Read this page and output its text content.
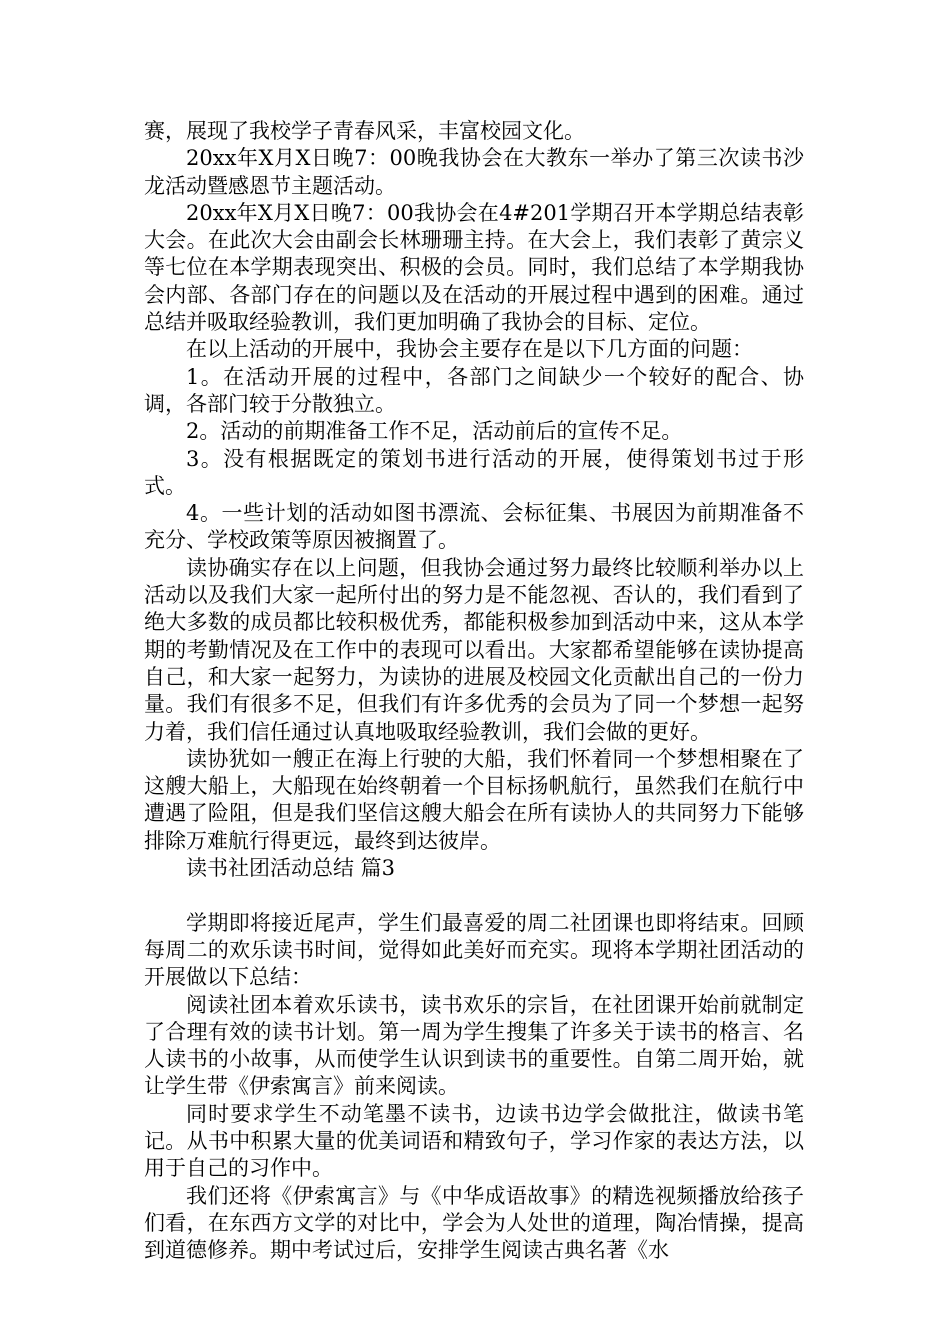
赛，展现了我校学子青春风采，丰富校园文化。

20xx年X月X日晚7：00晚我协会在大教东一举办了第三次读书沙龙活动暨感恩节主题活动。

20xx年X月X日晚7：00我协会在4#201学期召开本学期总结表彰大会。在此次大会由副会长林珊珊主持。在大会上，我们表彰了黄宗义等七位在本学期表现突出、积极的会员。同时，我们总结了本学期我协会内部、各部门存在的问题以及在活动的开展过程中遇到的困难。通过总结并吸取经验教训，我们更加明确了我协会的目标、定位。

在以上活动的开展中，我协会主要存在是以下几方面的问题：

1。在活动开展的过程中，各部门之间缺少一个较好的配合、协调，各部门较于分散独立。

2。活动的前期准备工作不足，活动前后的宣传不足。

3。没有根据既定的策划书进行活动的开展，使得策划书过于形式。

4。一些计划的活动如图书漂流、会标征集、书展因为前期准备不充分、学校政策等原因被搁置了。

读协确实存在以上问题，但我协会通过努力最终比较顺利举办以上活动以及我们大家一起所付出的努力是不能忽视、否认的，我们看到了绝大多数的成员都比较积极优秀，都能积极参加到活动中来，这从本学期的考勤情况及在工作中的表现可以看出。大家都希望能够在读协提高自己，和大家一起努力，为读协的进展及校园文化贡献出自己的一份力量。我们有很多不足，但我们有许多优秀的会员为了同一个梦想一起努力着，我们信任通过认真地吸取经验教训，我们会做的更好。

读协犹如一艘正在海上行驶的大船，我们怀着同一个梦想相聚在了这艘大船上，大船现在始终朝着一个目标扬帆航行，虽然我们在航行中遭遇了险阻，但是我们坚信这艘大船会在所有读协人的共同努力下能够排除万难航行得更远，最终到达彼岸。

读书社团活动总结 篇3

学期即将接近尾声，学生们最喜爱的周二社团课也即将结束。回顾每周二的欢乐读书时间，觉得如此美好而充实。现将本学期社团活动的开展做以下总结：

阅读社团本着欢乐读书，读书欢乐的宗旨，在社团课开始前就制定了合理有效的读书计划。第一周为学生搜集了许多关于读书的格言、名人读书的小故事，从而使学生认识到读书的重要性。自第二周开始，就让学生带《伊索寓言》前来阅读。

同时要求学生不动笔墨不读书，边读书边学会做批注，做读书笔记。从书中积累大量的优美词语和精致句子，学习作家的表达方法，以用于自己的习作中。

我们还将《伊索寓言》与《中华成语故事》的精选视频播放给孩子们看，在东西方文学的对比中，学会为人处世的道理，陶冶情操，提高到道德修养。期中考试过后，安排学生阅读古典名著《水
